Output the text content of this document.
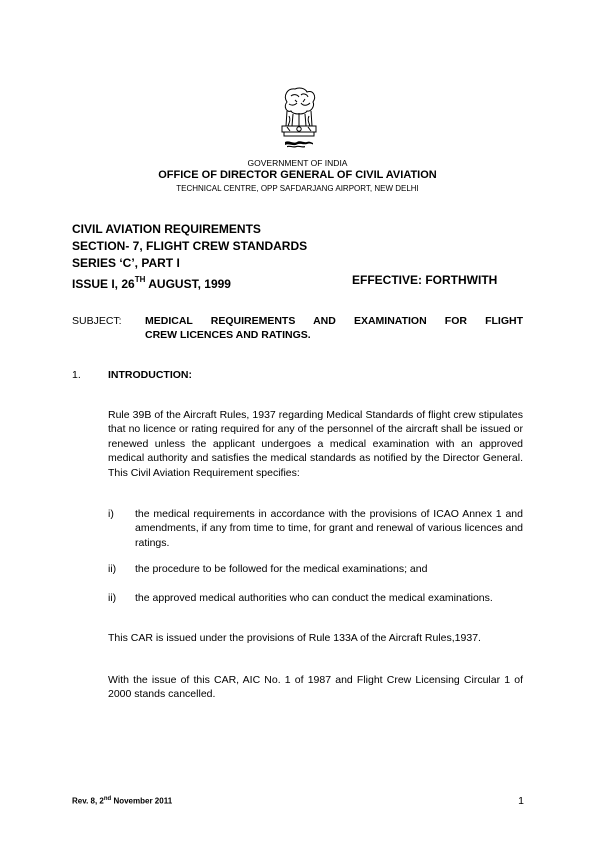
GOVERNMENT OF INDIA
OFFICE OF DIRECTOR GENERAL OF CIVIL AVIATION
TECHNICAL CENTRE, OPP SAFDARJANG AIRPORT, NEW DELHI
CIVIL AVIATION REQUIREMENTS
SECTION- 7, FLIGHT CREW STANDARDS
SERIES ‘C’, PART I
ISSUE I, 26TH AUGUST, 1999	EFFECTIVE: FORTHWITH
SUBJECT: MEDICAL REQUIREMENTS AND EXAMINATION FOR FLIGHT
CREW LICENCES AND RATINGS.
1.	INTRODUCTION:
Rule 39B of the Aircraft Rules, 1937 regarding Medical Standards of flight crew stipulates that no licence or rating required for any of the personnel of the aircraft shall be issued or renewed unless the applicant undergoes a medical examination with an approved medical authority and satisfies the medical standards as notified by the Director General. This Civil Aviation Requirement specifies:
i) the medical requirements in accordance with the provisions of ICAO Annex 1 and amendments, if any from time to time, for grant and renewal of various licences and ratings.
ii) the procedure to be followed for the medical examinations; and
ii) the approved medical authorities who can conduct the medical examinations.
This CAR is issued under the provisions of Rule 133A of the Aircraft Rules,1937.
With the issue of this CAR, AIC No. 1 of 1987 and Flight Crew Licensing Circular 1 of 2000 stands cancelled.
Rev. 8, 2nd November 2011	1
